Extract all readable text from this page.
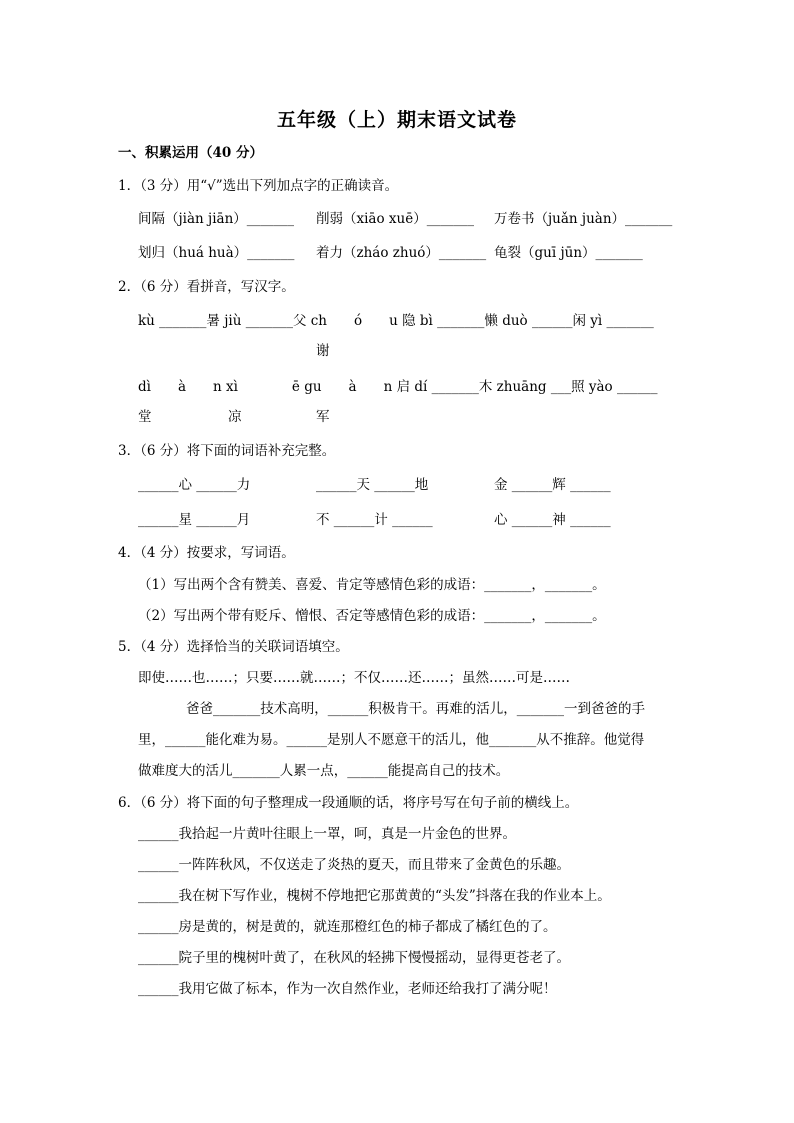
五年级（上）期末语文试卷
一、积累运用（40 分）
1．（3 分）用“√”选出下列加点字的正确读音。
间隔（jiàn jiān）_______ 削弱（xiāo xuē）_______ 万卷书（juǎn juàn）_______
划归（huá huà）_______ 着力（zháo zhuó）_______ 龟裂（guī jūn）_______
2．（6 分）看拼音，写汉字。
kù _______暑 jiù _______父 ch　　ó　　u 隐 bì _______懒 duò ______闲 yì _______
谢
dì　　à　　n xì　　　　ē gu　　à　　n 启 dí _______木 zhuāng ___照 yào ______
堂	凉	军
3．（6 分）将下面的词语补充完整。
______心 ______力	______天 ______地	金 ______辉 ______
______星 ______月	不 ______计 ______	心 ______神 ______
4．（4 分）按要求，写词语。
（1）写出两个含有赞美、喜爱、肯定等感情色彩的成语：_______，_______。
（2）写出两个带有贬斥、憎恨、否定等感情色彩的成语：_______，_______。
5．（4 分）选择恰当的关联词语填空。
即使……也……；只要……就……；不仅……还……；虽然……可是……
爸爸_______技术高明，______积极肯干。再难的活儿，_______一到爸爸的手
里，______能化难为易。______是别人不愿意干的活儿，他_______从不推辞。他觉得
做难度大的活儿_______人累一点，______能提高自己的技术。
6．（6 分）将下面的句子整理成一段通顺的话，将序号写在句子前的横线上。
______我拾起一片黄叶往眼上一罩，呵，真是一片金色的世界。
______一阵阵秋风，不仅送走了炎热的夏天，而且带来了金黄色的乐趣。
______我在树下写作业，槐树不停地把它那黄黄的“头发”抖落在我的作业本上。
______房是黄的，树是黄的，就连那橙红色的柿子都成了橘红色的了。
______院子里的槐树叶黄了，在秋风的轻拂下慢慢摇动，显得更苍老了。
______我用它做了标本，作为一次自然作业，老师还给我打了满分呢！
